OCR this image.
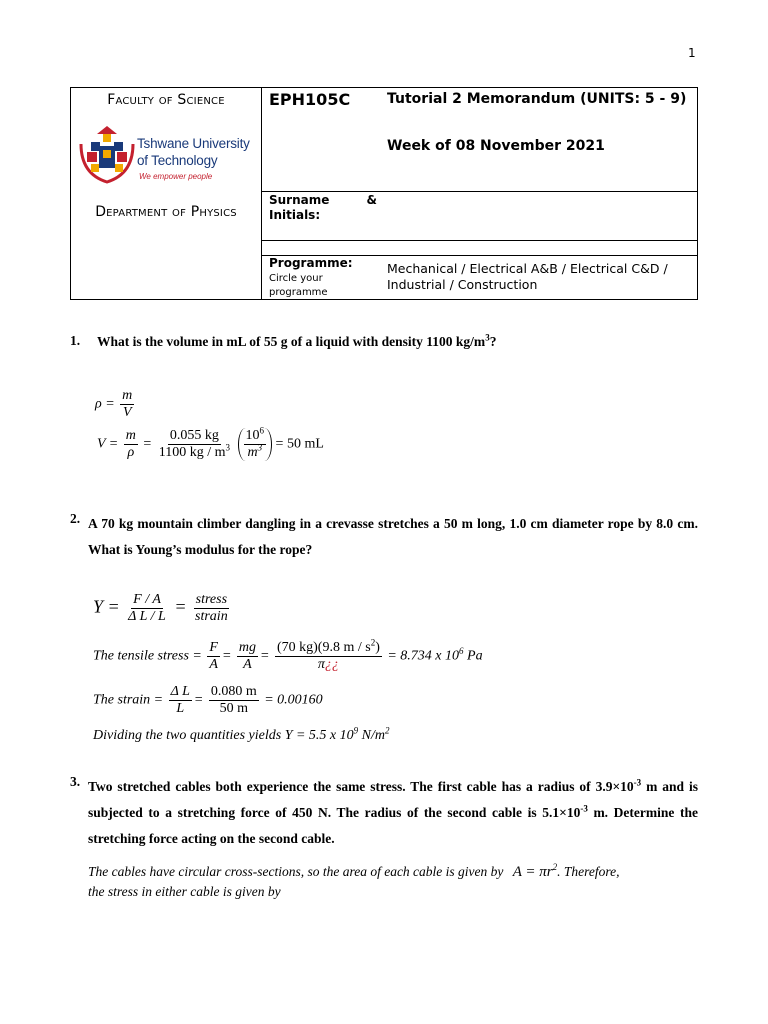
1
Faculty of Science
Tshwane University
of Technology
We empower people
Department of Physics
EPH105C	Tutorial 2 Memorandum (UNITS: 5 - 9)
Week of 08 November 2021
Surname	&
Initials:
Programme:
Circle your programme
Mechanical / Electrical A&B / Electrical C&D / Industrial / Construction
1. What is the volume in mL of 55 g of a liquid with density 1100 $kg/m^3$?
$\rho = \frac{m}{V}$
$V = \frac{m}{\rho} = \frac{0.055 kg}{1100 kg / m^3}$
$\frac{10^6}{m^3} = 50$ mL
2. A 70 kg mountain climber dangling in a crevasse stretches a 50 m long, 1.0 cm diameter rope by 8.0 cm. What is Young’s modulus for the rope?
$Y = \frac{F / A}{\text{Δ L / L}} = \frac{\text{stress}}{\text{strain}}$
The tensile stress = $\frac{F}{A} = \frac{mg}{A} = \frac{(70 kg)(9.8 m / s^2)}{\pi¿¿} = 8.734$ x $10^6$ Pa
The strain = $\frac{\text{Δ L}}{L} = \frac{0.080 m}{50 m} = 0.00160$
Dividing the two quantities yields Y = 5.5 x $10^9$ $N/m^2$
3. Two stretched cables both experience the same stress. The first cable has a radius of $3.9\times 10^{-3}$ m and is subjected to a stretching force of 450 N. The radius of the second cable is $5.1\times 10^{-3}$ m. Determine the stretching force acting on the second cable.
The cables have circular cross-sections, so the area of each cable is given by $A = \pi r^2$. Therefore,
the stress in either cable is given by
